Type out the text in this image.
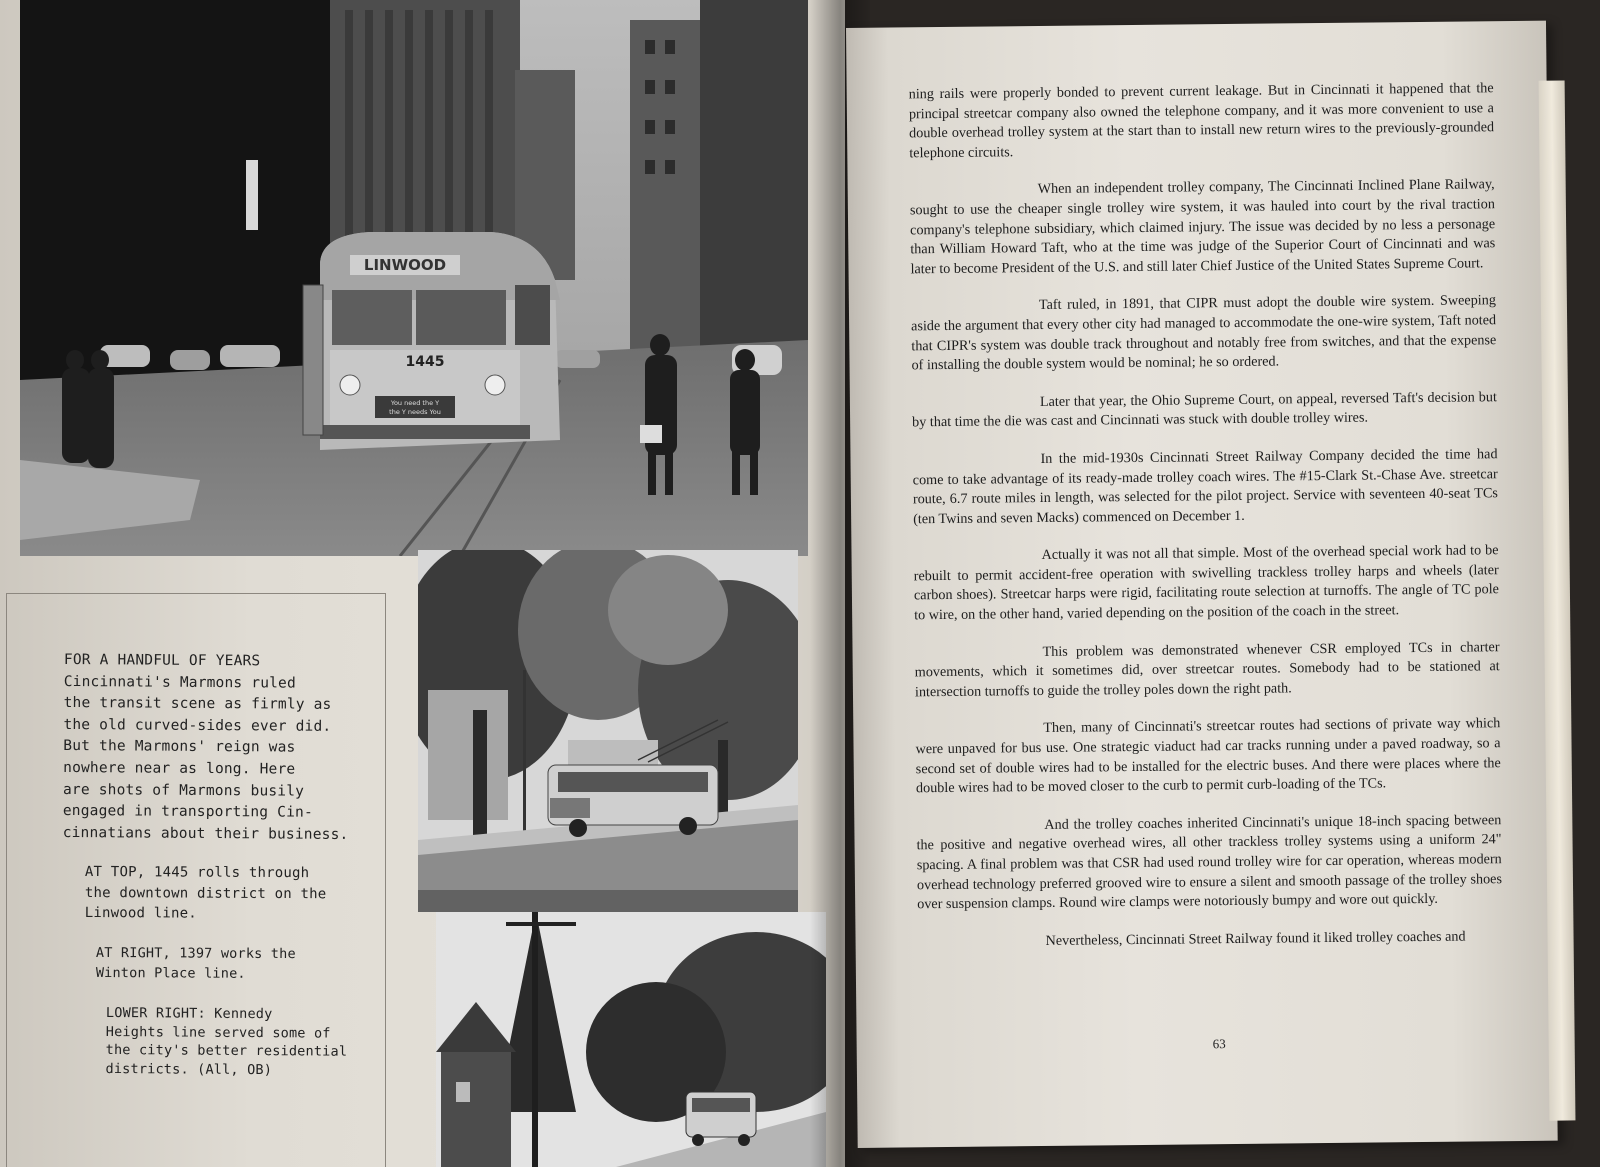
LINWOOD
1445
You need the Y
the Y needs You
FOR A HANDFUL OF YEARS
Cincinnati's Marmons ruled
the transit scene as firmly as
the old curved-sides ever did.
But the Marmons' reign was
nowhere near as long. Here
are shots of Marmons busily
engaged in transporting Cin-
cinnatians about their business.
AT TOP, 1445 rolls through
the downtown district on the
Linwood line.
AT RIGHT, 1397 works the
Winton Place line.
LOWER RIGHT: Kennedy
Heights line served some of
the city's better residential
districts. (All, OB)

ning rails were properly bonded to prevent current leakage. But in Cincinnati it happened that the principal streetcar company also owned the telephone company, and it was more convenient to use a double overhead trolley system at the start than to install new return wires to the previously-grounded telephone circuits.

When an independent trolley company, The Cincinnati Inclined Plane Railway, sought to use the cheaper single trolley wire system, it was hauled into court by the rival traction company's telephone subsidiary, which claimed injury. The issue was decided by no less a personage than William Howard Taft, who at the time was judge of the Superior Court of Cincinnati and was later to become President of the U.S. and still later Chief Justice of the United States Supreme Court.

Taft ruled, in 1891, that CIPR must adopt the double wire system. Sweeping aside the argument that every other city had managed to accommodate the one-wire system, Taft noted that CIPR's system was double track throughout and notably free from switches, and that the expense of installing the double system would be nominal; he so ordered.

Later that year, the Ohio Supreme Court, on appeal, reversed Taft's decision but by that time the die was cast and Cincinnati was stuck with double trolley wires.

In the mid-1930s Cincinnati Street Railway Company decided the time had come to take advantage of its ready-made trolley coach wires. The #15-Clark St.-Chase Ave. streetcar route, 6.7 route miles in length, was selected for the pilot project. Service with seventeen 40-seat TCs (ten Twins and seven Macks) commenced on December 1.

Actually it was not all that simple. Most of the overhead special work had to be rebuilt to permit accident-free operation with swivelling trackless trolley harps and wheels (later carbon shoes). Streetcar harps were rigid, facilitating route selection at turnoffs. The angle of TC pole to wire, on the other hand, varied depending on the position of the coach in the street.

This problem was demonstrated whenever CSR employed TCs in charter movements, which it sometimes did, over streetcar routes. Somebody had to be stationed at intersection turnoffs to guide the trolley poles down the right path.

Then, many of Cincinnati's streetcar routes had sections of private way which were unpaved for bus use. One strategic viaduct had car tracks running under a paved roadway, so a second set of double wires had to be installed for the electric buses. And there were places where the double wires had to be moved closer to the curb to permit curb-loading of the TCs.

And the trolley coaches inherited Cincinnati's unique 18-inch spacing between the positive and negative overhead wires, all other trackless trolley systems using a uniform 24" spacing. A final problem was that CSR had used round trolley wire for car operation, whereas modern overhead technology preferred grooved wire to ensure a silent and smooth passage of the trolley shoes over suspension clamps. Round wire clamps were notoriously bumpy and wore out quickly.

Nevertheless, Cincinnati Street Railway found it liked trolley coaches and

63
